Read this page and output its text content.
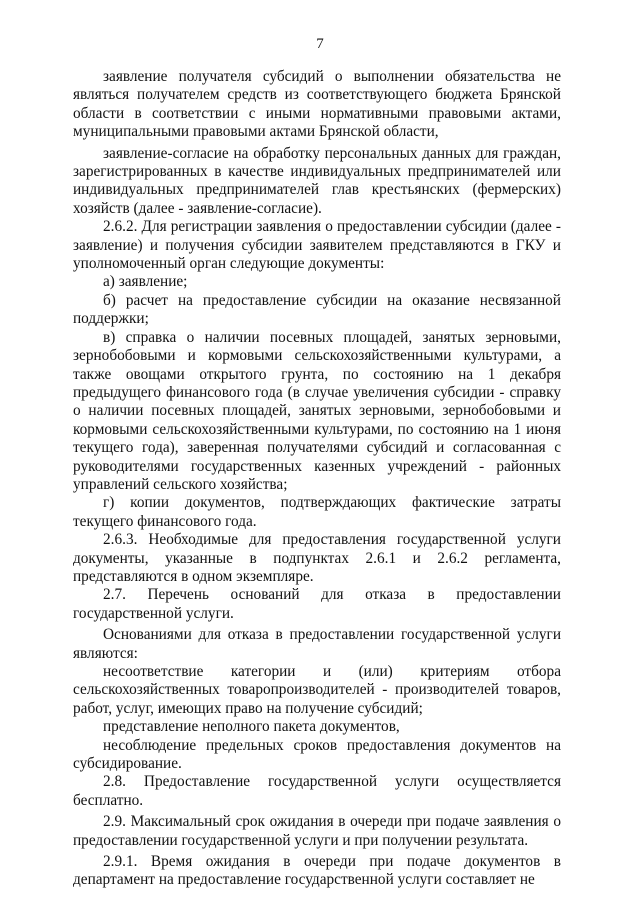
7

заявление получателя субсидий о выполнении обязательства не являться получателем средств из соответствующего бюджета Брянской области в соответствии с иными нормативными правовыми актами, муниципальными правовыми актами Брянской области,

заявление-согласие на обработку персональных данных для граждан, зарегистрированных в качестве индивидуальных предпринимателей или индивидуальных предпринимателей глав крестьянских (фермерских) хозяйств (далее - заявление-согласие).

2.6.2. Для регистрации заявления о предоставлении субсидии (далее - заявление) и получения субсидии заявителем представляются в ГКУ и уполномоченный орган следующие документы:

а) заявление;

б) расчет на предоставление субсидии на оказание несвязанной поддержки;

в) справка о наличии посевных площадей, занятых зерновыми, зернобобовыми и кормовыми сельскохозяйственными культурами, а также овощами открытого грунта, по состоянию на 1 декабря предыдущего финансового года (в случае увеличения субсидии - справку о наличии посевных площадей, занятых зерновыми, зернобобовыми и кормовыми сельскохозяйственными культурами, по состоянию на 1 июня текущего года), заверенная получателями субсидий и согласованная с руководителями государственных казенных учреждений - районных управлений сельского хозяйства;

г) копии документов, подтверждающих фактические затраты текущего финансового года.

2.6.3. Необходимые для предоставления государственной услуги документы, указанные в подпунктах 2.6.1 и 2.6.2 регламента, представляются в одном экземпляре.

2.7. Перечень оснований для отказа в предоставлении государственной услуги.

Основаниями для отказа в предоставлении государственной услуги являются:

несоответствие категории и (или) критериям отбора сельскохозяйственных товаропроизводителей - производителей товаров, работ, услуг, имеющих право на получение субсидий;

представление неполного пакета документов,

несоблюдение предельных сроков предоставления документов на субсидирование.

2.8. Предоставление государственной услуги осуществляется бесплатно.

2.9. Максимальный срок ожидания в очереди при подаче заявления о предоставлении государственной услуги и при получении результата.

2.9.1. Время ожидания в очереди при подаче документов в департамент на предоставление государственной услуги составляет не
